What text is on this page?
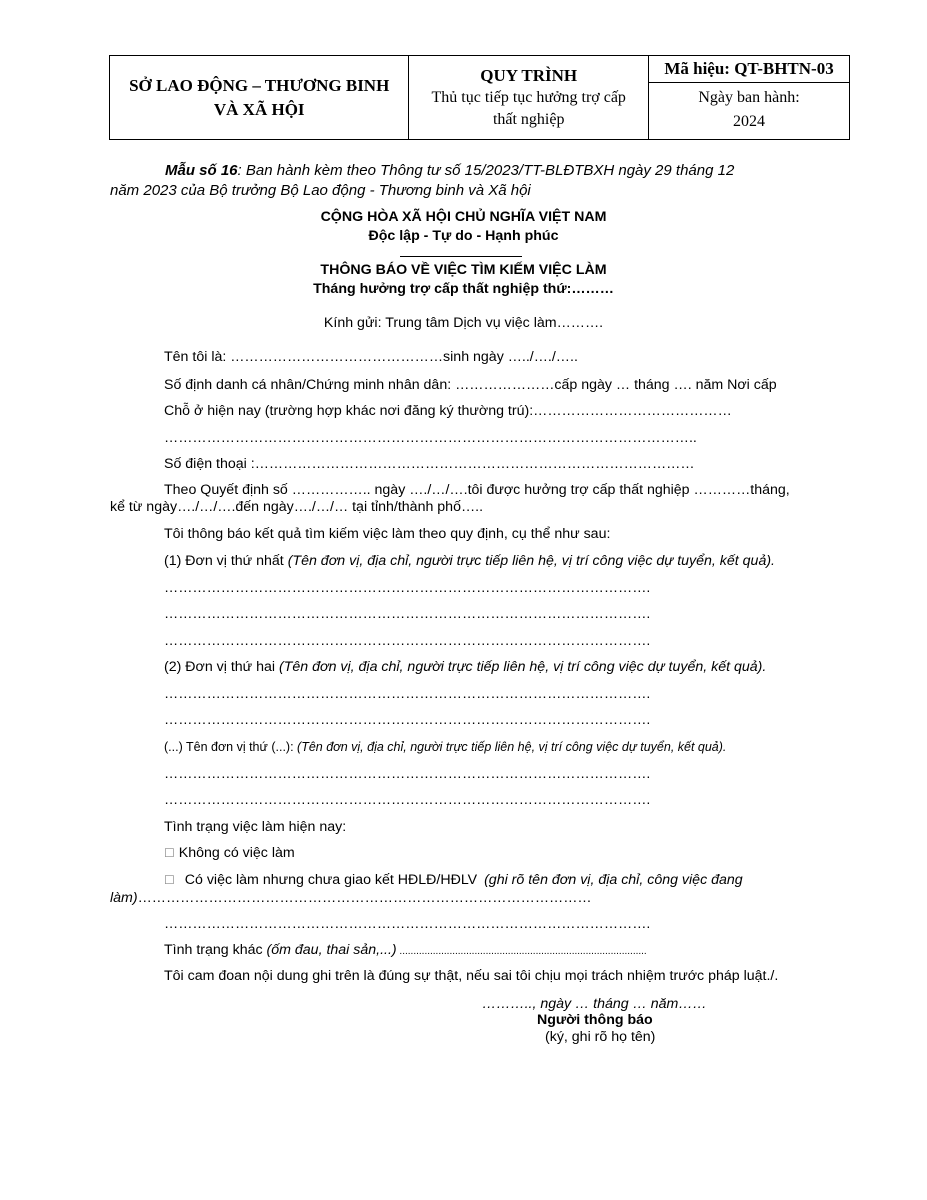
SỞ LAO ĐỘNG – THƯƠNG BINH
VÀ XÃ HỘI

QUY TRÌNH
Thủ tục tiếp tục hưởng trợ cấp
thất nghiệp

Mã hiệu: QT-BHTN-03
Ngày ban hành:
2024
Mẫu số 16: Ban hành kèm theo Thông tư số 15/2023/TT-BLĐTBXH ngày 29 tháng 12
năm 2023 của Bộ trưởng Bộ Lao động - Thương binh và Xã hội
CỘNG HÒA XÃ HỘI CHỦ NGHĨA VIỆT NAM
Độc lập - Tự do - Hạnh phúc
THÔNG BÁO VỀ VIỆC TÌM KIẾM VIỆC LÀM
Tháng hưởng trợ cấp thất nghiệp thứ:………
Kính gửi: Trung tâm Dịch vụ việc làm……….
Tên tôi là: ………………………………………sinh ngày …../…./…..
Số định danh cá nhân/Chứng minh nhân dân: …………………cấp ngày … tháng …. năm Nơi cấp
Chỗ ở hiện nay (trường hợp khác nơi đăng ký thường trú):……………………………………
…………………………………………………………………………………………………..
Số điện thoại :…………………………………………………………………………………
Theo Quyết định số …………….. ngày …./…/….tôi được hưởng trợ cấp thất nghiệp …………tháng,
kể từ ngày…./…/….đến ngày…./…/… tại tỉnh/thành phố…..
Tôi thông báo kết quả tìm kiếm việc làm theo quy định, cụ thể như sau:
(1) Đơn vị thứ nhất (Tên đơn vị, địa chỉ, người trực tiếp liên hệ, vị trí công việc dự tuyển, kết quả).
………………………………………………………………………………………….
………………………………………………………………………………………….
………………………………………………………………………………………….
(2) Đơn vị thứ hai (Tên đơn vị, địa chỉ, người trực tiếp liên hệ, vị trí công việc dự tuyển, kết quả).
………………………………………………………………………………………….
………………………………………………………………………………………….
(...) Tên đơn vị thứ (...): (Tên đơn vị, địa chỉ, người trực tiếp liên hệ, vị trí công việc dự tuyển, kết quả).
………………………………………………………………………………………….
………………………………………………………………………………………….
Tình trạng việc làm hiện nay:
☐ Không có việc làm
☐ Có việc làm nhưng chưa giao kết HĐLĐ/HĐLV (ghi rõ tên đơn vị, địa chỉ, công việc đang
làm)……………………………………………………………………………………
………………………………………………………………………………………….
Tình trạng khác (ốm đau, thai sản,...) .........................................................................................
Tôi cam đoan nội dung ghi trên là đúng sự thật, nếu sai tôi chịu mọi trách nhiệm trước pháp luật./.
……….., ngày … tháng … năm……
Người thông báo
(ký, ghi rõ họ tên)
